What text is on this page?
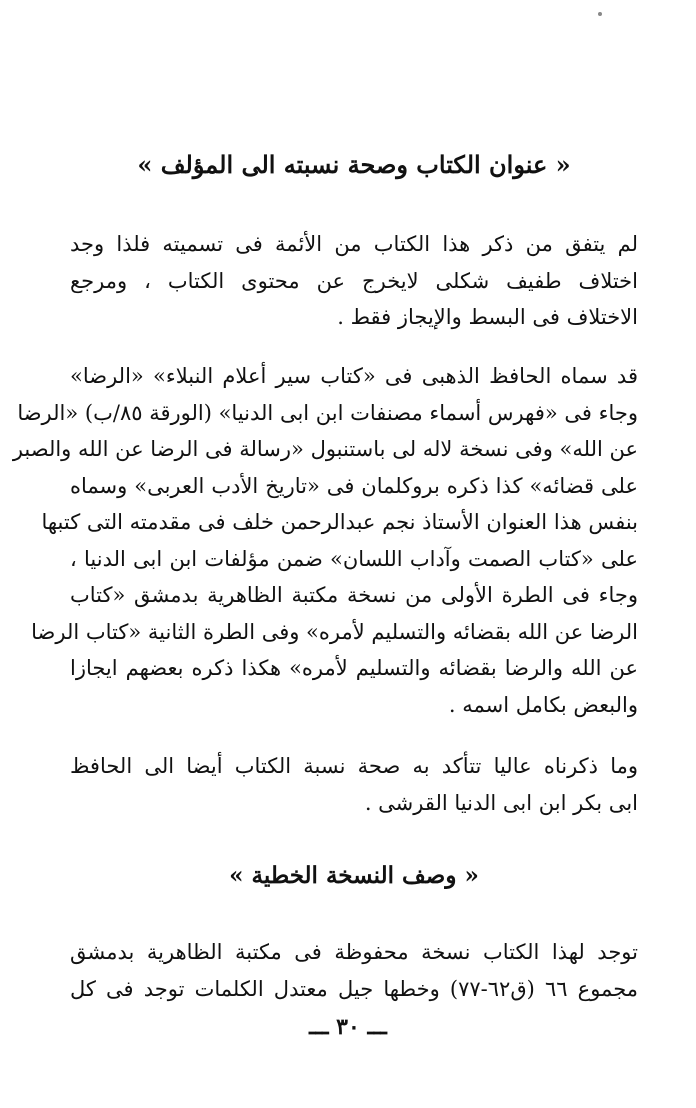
« عنوان الكتاب وصحة نسبته الى المؤلف »

لم يتفق من ذكر هذا الكتاب من الأئمة فى تسميته فلذا وجد
اختلاف طفيف شكلى لايخرج عن محتوى الكتاب ، ومرجع
الاختلاف فى البسط والإيجاز فقط .

قد سماه الحافظ الذهبى فى «كتاب سير أعلام النبلاء» «الرضا»
وجاء فى «فهرس أسماء مصنفات ابن ابى الدنيا» (الورقة ٨٥/ب) «الرضا
عن الله» وفى نسخة لاله لى باستنبول «رسالة فى الرضا عن الله والصبر
على قضائه» كذا ذكره بروكلمان فى «تاريخ الأدب العربى» وسماه
بنفس هذا العنوان الأستاذ نجم عبدالرحمن خلف فى مقدمته التى كتبها
على «كتاب الصمت وآداب اللسان» ضمن مؤلفات ابن ابى الدنيا ،
وجاء فى الطرة الأولى من نسخة مكتبة الظاهرية بدمشق «كتاب
الرضا عن الله بقضائه والتسليم لأمره» وفى الطرة الثانية «كتاب الرضا
عن الله والرضا بقضائه والتسليم لأمره» هكذا ذكره بعضهم ايجازا
والبعض بكامل اسمه .

وما ذكرناه عاليا تتأكد به صحة نسبة الكتاب أيضا الى الحافظ
ابى بكر ابن ابى الدنيا القرشى .

« وصف النسخة الخطية »

توجد لهذا الكتاب نسخة محفوظة فى مكتبة الظاهرية بدمشق
مجموع ٦٦ (ق٦٢-٧٧) وخطها جيل معتدل الكلمات توجد فى كل

ـــ ٣٠ ـــ
